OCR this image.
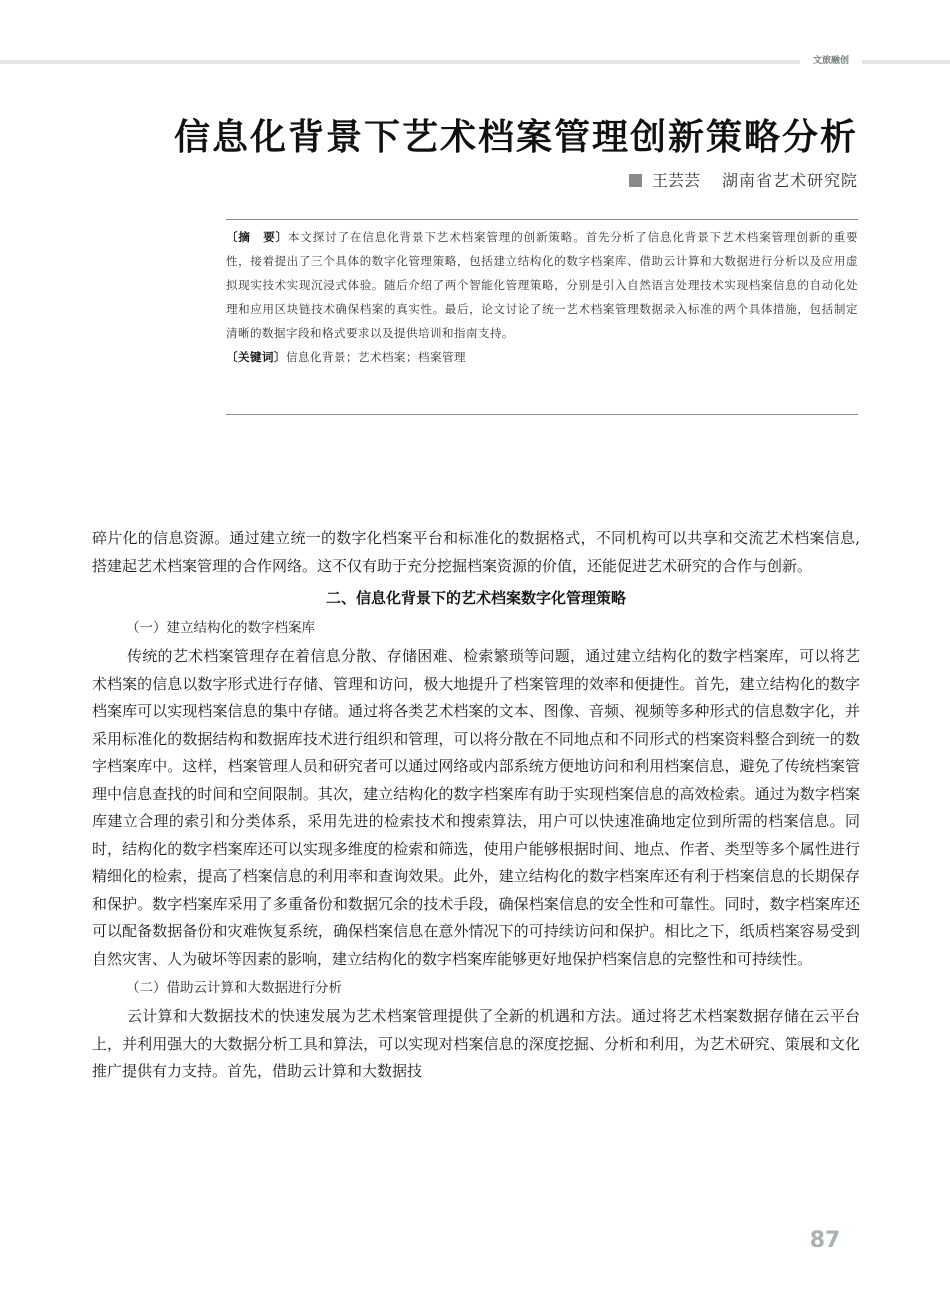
文旅融创
信息化背景下艺术档案管理创新策略分析
王芸芸 湖南省艺术研究院

〔摘　要〕本文探讨了在信息化背景下艺术档案管理的创新策略。首先分析了信息化背景下艺术档案管理创新的重要性，接着提出了三个具体的数字化管理策略，包括建立结构化的数字档案库、借助云计算和大数据进行分析以及应用虚拟现实技术实现沉浸式体验。随后介绍了两个智能化管理策略，分别是引入自然语言处理技术实现档案信息的自动化处理和应用区块链技术确保档案的真实性。最后，论文讨论了统一艺术档案管理数据录入标准的两个具体措施，包括制定清晰的数据字段和格式要求以及提供培训和指南支持。

〔关键词〕信息化背景；艺术档案；档案管理

碎片化的信息资源。通过建立统一的数字化档案平台和标准化的数据格式，不同机构可以共享和交流艺术档案信息,搭建起艺术档案管理的合作网络。这不仅有助于充分挖掘档案资源的价值，还能促进艺术研究的合作与创新。

二、信息化背景下的艺术档案数字化管理策略
（一）建立结构化的数字档案库

传统的艺术档案管理存在着信息分散、存储困难、检索繁琐等问题，通过建立结构化的数字档案库，可以将艺术档案的信息以数字形式进行存储、管理和访问，极大地提升了档案管理的效率和便捷性。首先，建立结构化的数字档案库可以实现档案信息的集中存储。通过将各类艺术档案的文本、图像、音频、视频等多种形式的信息数字化，并采用标准化的数据结构和数据库技术进行组织和管理，可以将分散在不同地点和不同形式的档案资料整合到统一的数字档案库中。这样，档案管理人员和研究者可以通过网络或内部系统方便地访问和利用档案信息，避免了传统档案管理中信息查找的时间和空间限制。其次，建立结构化的数字档案库有助于实现档案信息的高效检索。通过为数字档案库建立合理的索引和分类体系，采用先进的检索技术和搜索算法，用户可以快速准确地定位到所需的档案信息。同时，结构化的数字档案库还可以实现多维度的检索和筛选，使用户能够根据时间、地点、作者、类型等多个属性进行精细化的检索，提高了档案信息的利用率和查询效果。此外，建立结构化的数字档案库还有利于档案信息的长期保存和保护。数字档案库采用了多重备份和数据冗余的技术手段，确保档案信息的安全性和可靠性。同时，数字档案库还可以配备数据备份和灾难恢复系统，确保档案信息在意外情况下的可持续访问和保护。相比之下，纸质档案容易受到自然灾害、人为破坏等因素的影响，建立结构化的数字档案库能够更好地保护档案信息的完整性和可持续性。

（二）借助云计算和大数据进行分析

云计算和大数据技术的快速发展为艺术档案管理提供了全新的机遇和方法。通过将艺术档案数据存储在云平台上，并利用强大的大数据分析工具和算法，可以实现对档案信息的深度挖掘、分析和利用，为艺术研究、策展和文化推广提供有力支持。首先，借助云计算和大数据技

87
